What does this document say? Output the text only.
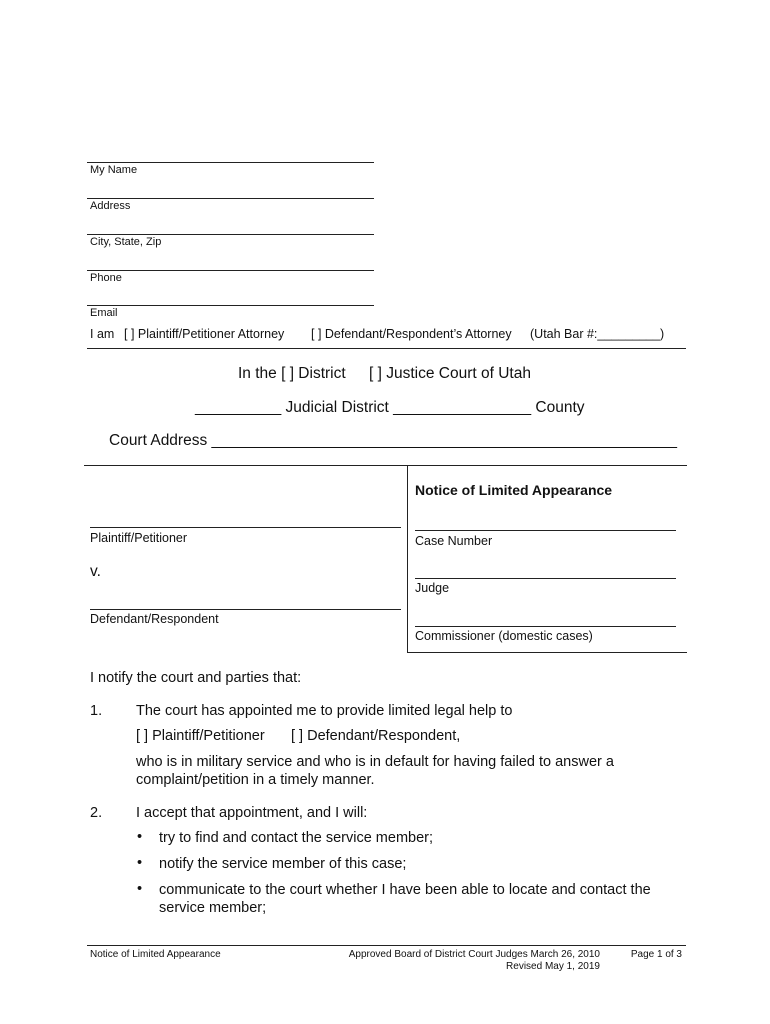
My Name
Address
City, State, Zip
Phone
Email
I am [ ] Plaintiff/Petitioner Attorney [ ] Defendant/Respondent’s Attorney (Utah Bar #:_________)
In the [ ] District [ ] Justice Court of Utah
__________ Judicial District ________________ County
Court Address ______________________________________________________
Notice of Limited Appearance
Plaintiff/Petitioner
v.
Defendant/Respondent
Case Number
Judge
Commissioner (domestic cases)
I notify the court and parties that:
1. The court has appointed me to provide limited legal help to
[ ] Plaintiff/Petitioner [ ] Defendant/Respondent,
who is in military service and who is in default for having failed to answer a
complaint/petition in a timely manner.
2. I accept that appointment, and I will:
• try to find and contact the service member;
• notify the service member of this case;
• communicate to the court whether I have been able to locate and contact the
service member;
Notice of Limited Appearance	Approved Board of District Court Judges March 26, 2010
Revised May 1, 2019
Page 1 of 3
